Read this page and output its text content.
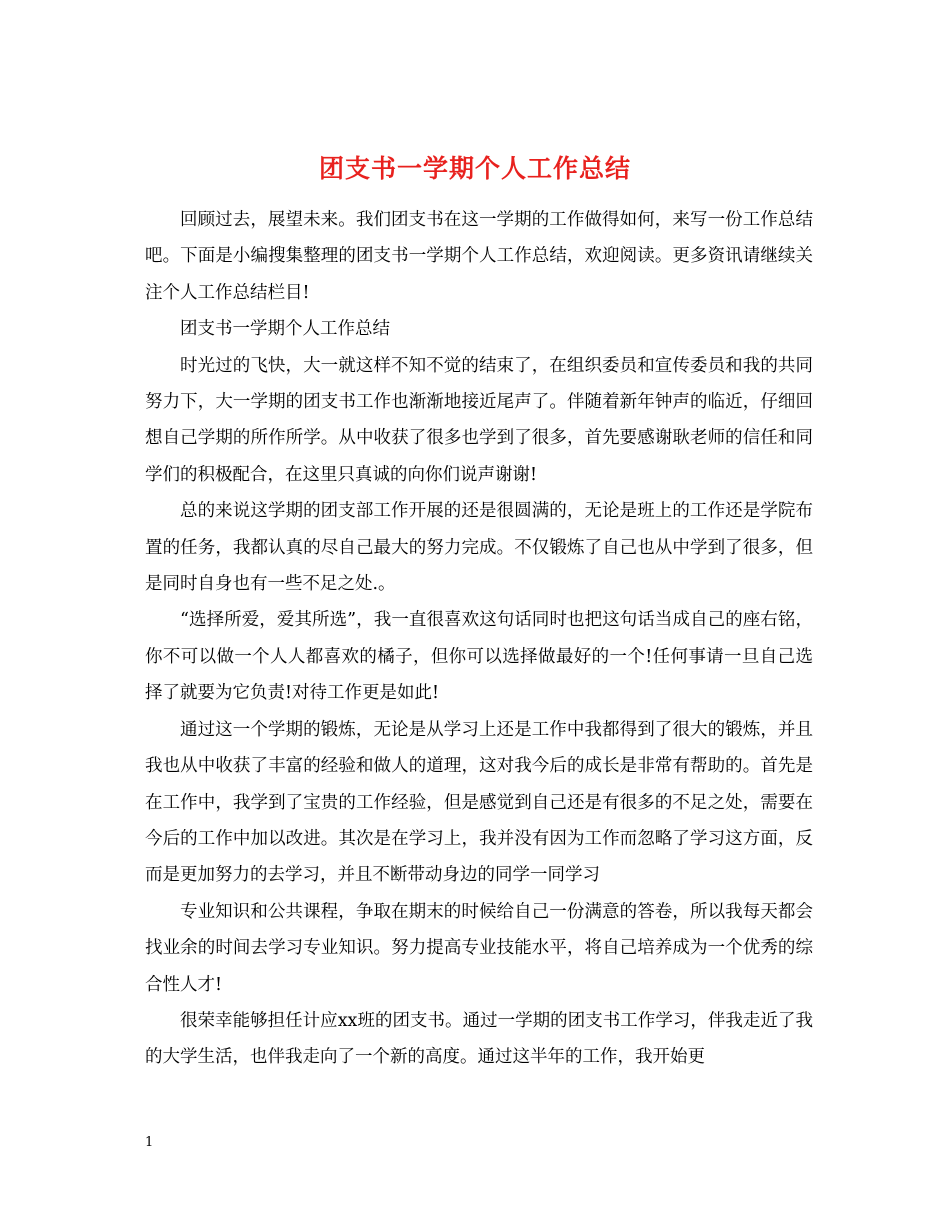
团支书一学期个人工作总结

回顾过去，展望未来。我们团支书在这一学期的工作做得如何，来写一份工作总结吧。下面是小编搜集整理的团支书一学期个人工作总结，欢迎阅读。更多资讯请继续关注个人工作总结栏目!

团支书一学期个人工作总结

时光过的飞快，大一就这样不知不觉的结束了，在组织委员和宣传委员和我的共同努力下，大一学期的团支书工作也渐渐地接近尾声了。伴随着新年钟声的临近，仔细回想自己学期的所作所学。从中收获了很多也学到了很多，首先要感谢耿老师的信任和同学们的积极配合，在这里只真诚的向你们说声谢谢!

总的来说这学期的团支部工作开展的还是很圆满的，无论是班上的工作还是学院布置的任务，我都认真的尽自己最大的努力完成。不仅锻炼了自己也从中学到了很多，但是同时自身也有一些不足之处.。

“选择所爱，爱其所选”，我一直很喜欢这句话同时也把这句话当成自己的座右铭，你不可以做一个人人都喜欢的橘子，但你可以选择做最好的一个!任何事请一旦自己选择了就要为它负责!对待工作更是如此!

通过这一个学期的锻炼，无论是从学习上还是工作中我都得到了很大的锻炼，并且我也从中收获了丰富的经验和做人的道理，这对我今后的成长是非常有帮助的。首先是在工作中，我学到了宝贵的工作经验，但是感觉到自己还是有很多的不足之处，需要在今后的工作中加以改进。其次是在学习上，我并没有因为工作而忽略了学习这方面，反而是更加努力的去学习，并且不断带动身边的同学一同学习

专业知识和公共课程，争取在期末的时候给自己一份满意的答卷，所以我每天都会找业余的时间去学习专业知识。努力提高专业技能水平，将自己培养成为一个优秀的综合性人才!

很荣幸能够担任计应xx班的团支书。通过一学期的团支书工作学习，伴我走近了我的大学生活，也伴我走向了一个新的高度。通过这半年的工作，我开始更

1
